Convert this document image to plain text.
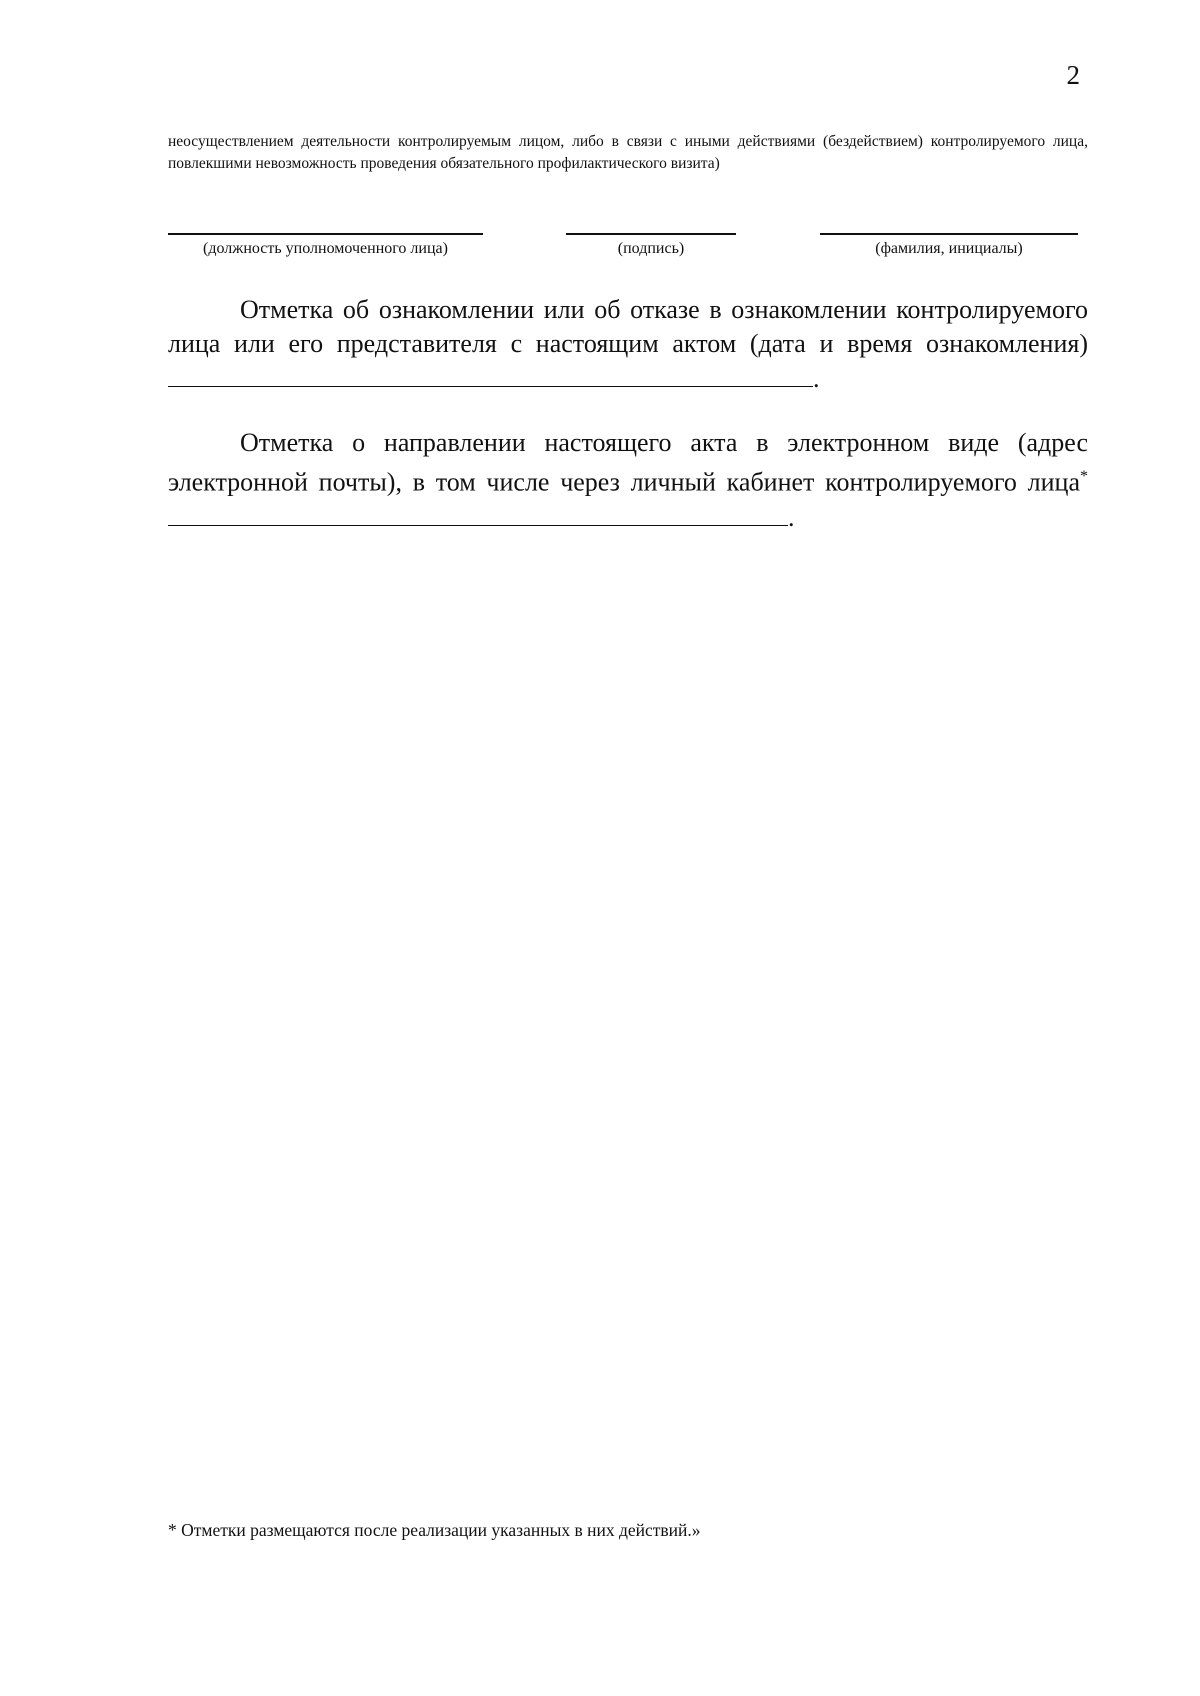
2
неосуществлением деятельности контролируемым лицом, либо в связи с иными действиями (бездействием) контролируемого лица, повлекшими невозможность проведения обязательного профилактического визита)
(должность уполномоченного лица)	(подпись)	(фамилия, инициалы)

Отметка об ознакомлении или об отказе в ознакомлении контролируемого лица или его представителя с настоящим актом (дата и время ознакомления).

Отметка о направлении настоящего акта в электронном виде (адрес электронной почты), в том числе через личный кабинет контролируемого лица*.

* Отметки размещаются после реализации указанных в них действий.»
